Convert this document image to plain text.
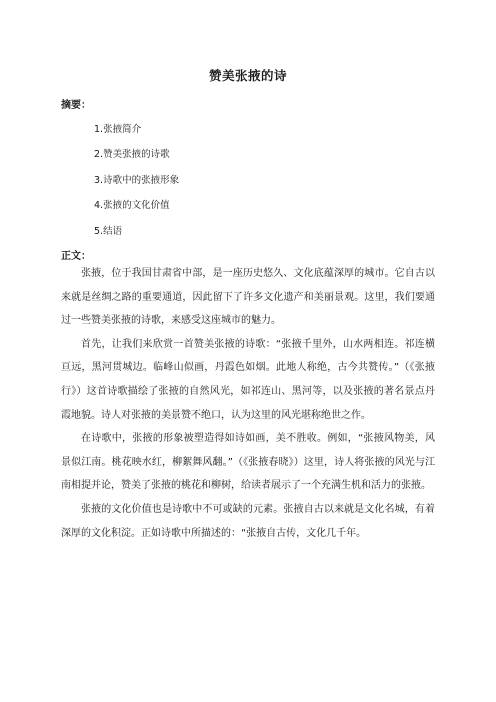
赞美张掖的诗
摘要：
1.张掖简介
2.赞美张掖的诗歌
3.诗歌中的张掖形象
4.张掖的文化价值
5.结语
正文：

张掖，位于我国甘肃省中部，是一座历史悠久、文化底蕴深厚的城市。它自古以来就是丝绸之路的重要通道，因此留下了许多文化遗产和美丽景观。这里，我们要通过一些赞美张掖的诗歌，来感受这座城市的魅力。

首先，让我们来欣赏一首赞美张掖的诗歌：“张掖千里外，山水两相连。祁连横亘远，黑河贯城边。临峰山似画，丹霞色如烟。此地人称绝，古今共赞传。”（《张掖行》）这首诗歌描绘了张掖的自然风光，如祁连山、黑河等，以及张掖的著名景点丹霞地貌。诗人对张掖的美景赞不绝口，认为这里的风光堪称绝世之作。

在诗歌中，张掖的形象被塑造得如诗如画，美不胜收。例如，“张掖风物美，风景似江南。桃花映水红，柳絮舞风翻。”（《张掖春晓》）这里，诗人将张掖的风光与江南相提并论，赞美了张掖的桃花和柳树，给读者展示了一个充满生机和活力的张掖。

张掖的文化价值也是诗歌中不可或缺的元素。张掖自古以来就是文化名城，有着深厚的文化积淀。正如诗歌中所描述的：“张掖自古传，文化几千年。
